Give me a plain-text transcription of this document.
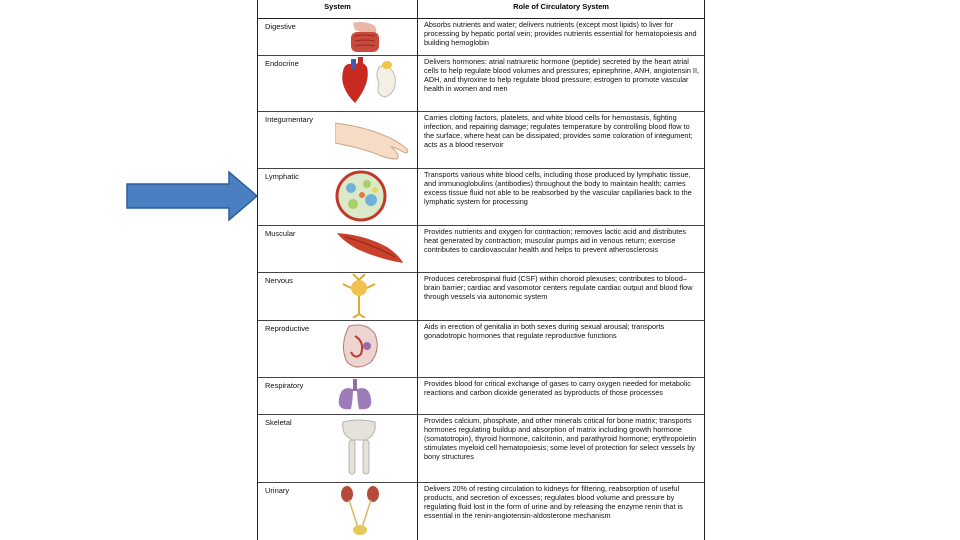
System	Role of Circulatory System
Digestive	Absorbs nutrients and water; delivers nutrients (except most lipids) to liver for processing by hepatic portal vein; provides nutrients essential for hematopoiesis and building hemoglobin
Endocrine	Delivers hormones: atrial natriuretic hormone (peptide) secreted by the heart atrial cells to help regulate blood volumes and pressures; epinephrine, ANH, angiotensin II, ADH, and thyroxine to help regulate blood pressure; estrogen to promote vascular health in women and men
Integumentary	Carries clotting factors, platelets, and white blood cells for hemostasis, fighting infection, and repairing damage; regulates temperature by controlling blood flow to the surface, where heat can be dissipated; provides some coloration of integument; acts as a blood reservoir
Lymphatic	Transports various white blood cells, including those produced by lymphatic tissue, and immunoglobulins (antibodies) throughout the body to maintain health; carries excess tissue fluid not able to be reabsorbed by the vascular capillaries back to the lymphatic system for processing
Muscular	Provides nutrients and oxygen for contraction; removes lactic acid and distributes heat generated by contraction; muscular pumps aid in venous return; exercise contributes to cardiovascular health and helps to prevent atherosclerosis
Nervous	Produces cerebrospinal fluid (CSF) within choroid plexuses; contributes to blood–brain barrier; cardiac and vasomotor centers regulate cardiac output and blood flow through vessels via autonomic system
Reproductive	Aids in erection of genitalia in both sexes during sexual arousal; transports gonadotropic hormones that regulate reproductive functions
Respiratory	Provides blood for critical exchange of gases to carry oxygen needed for metabolic reactions and carbon dioxide generated as byproducts of those processes
Skeletal	Provides calcium, phosphate, and other minerals critical for bone matrix; transports hormones regulating buildup and absorption of matrix including growth hormone (somatotropin), thyroid hormone, calcitonin, and parathyroid hormone; erythropoietin stimulates myeloid cell hematopoiesis; some level of protection for select vessels by bony structures
Urinary	Delivers 20% of resting circulation to kidneys for filtering, reabsorption of useful products, and secretion of excesses; regulates blood volume and pressure by regulating fluid lost in the form of urine and by releasing the enzyme renin that is essential in the renin-angiotensin-aldosterone mechanism
